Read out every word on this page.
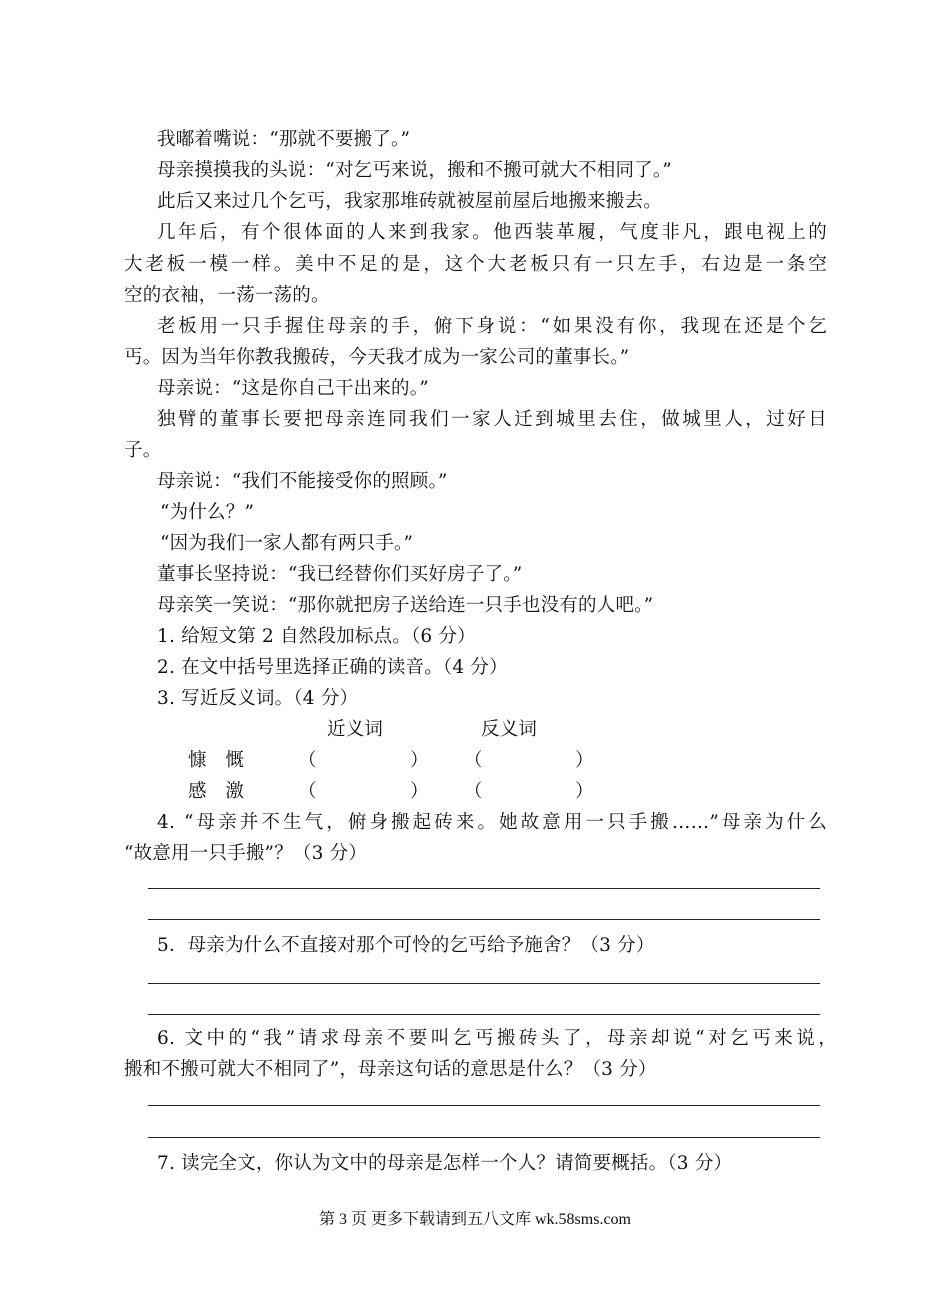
我嘟着嘴说：“那就不要搬了。”
母亲摸摸我的头说：“对乞丐来说，搬和不搬可就大不相同了。”
此后又来过几个乞丐，我家那堆砖就被屋前屋后地搬来搬去。
几年后，有个很体面的人来到我家。他西装革履，气度非凡，跟电视上的
大老板一模一样。美中不足的是，这个大老板只有一只左手，右边是一条空
空的衣袖，一荡一荡的。
老板用一只手握住母亲的手，俯下身说：“如果没有你，我现在还是个乞
丐。因为当年你教我搬砖，今天我才成为一家公司的董事长。”
母亲说：“这是你自己干出来的。”
独臂的董事长要把母亲连同我们一家人迁到城里去住，做城里人，过好日
子。
母亲说：“我们不能接受你的照顾。”
“为什么？”
“因为我们一家人都有两只手。”
董事长坚持说：“我已经替你们买好房子了。”
母亲笑一笑说：“那你就把房子送给连一只手也没有的人吧。”
1. 给短文第 2 自然段加标点。（6 分）
2. 在文中括号里选择正确的读音。（4 分）
3. 写近反义词。（4 分）
近义词	反义词
慷　慨	（	） （	）
感　激	（	） （	）
4. “母亲并不生气，俯身搬起砖来。她故意用一只手搬……”母亲为什么
“故意用一只手搬”？（3 分）
5．母亲为什么不直接对那个可怜的乞丐给予施舍？（3 分）
6. 文中的“我”请求母亲不要叫乞丐搬砖头了，母亲却说“对乞丐来说，
搬和不搬可就大不相同了”，母亲这句话的意思是什么？（3 分）
7. 读完全文，你认为文中的母亲是怎样一个人？请简要概括。（3 分）
第 3 页 更多下载请到五八文库 wk.58sms.com
